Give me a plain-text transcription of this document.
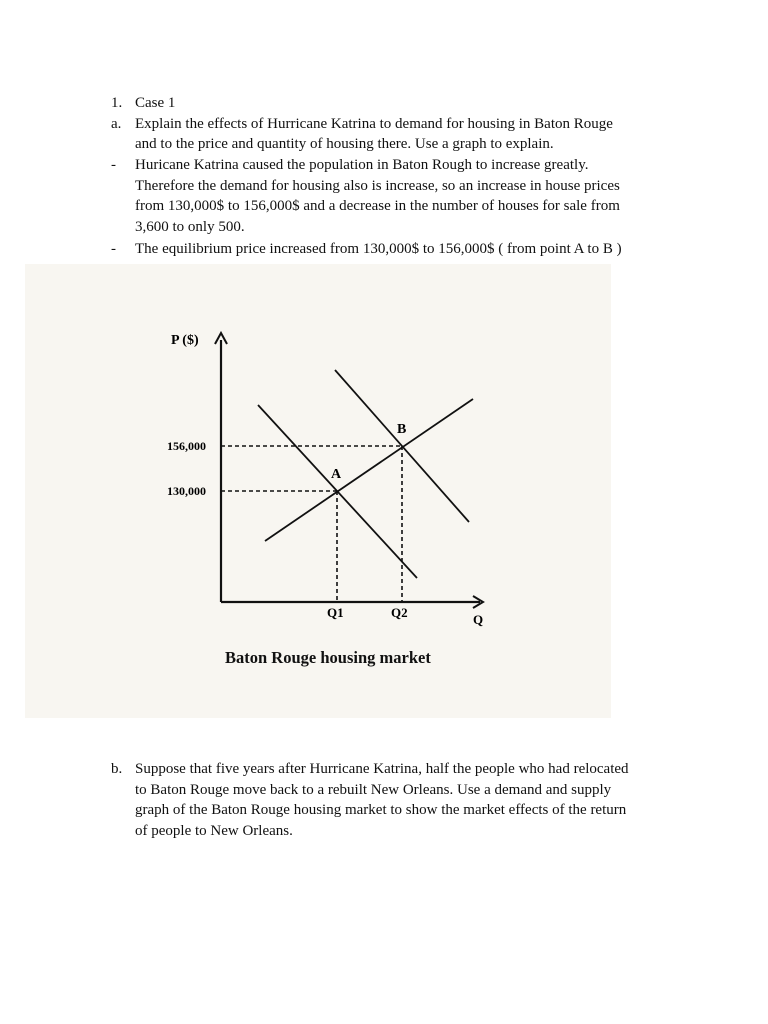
1. Case 1
a. Explain the effects of Hurricane Katrina to demand for housing in Baton Rouge
and to the price and quantity of housing there. Use a graph to explain.
- Huricane Katrina caused the population in Baton Rough to increase greatly.
Therefore the demand for housing also is increase, so an increase in house prices
from 130,000$ to 156,000$ and a decrease in the number of houses for sale from
3,600 to only 500.
- The equilibrium price increased from 130,000$ to 156,000$ ( from point A to B )
P ($)
156,000
130,000
Q1	Q2	Q
A
B
Baton Rouge housing market
b. Suppose that five years after Hurricane Katrina, half the people who had relocated
to Baton Rouge move back to a rebuilt New Orleans. Use a demand and supply
graph of the Baton Rouge housing market to show the market effects of the return
of people to New Orleans.
